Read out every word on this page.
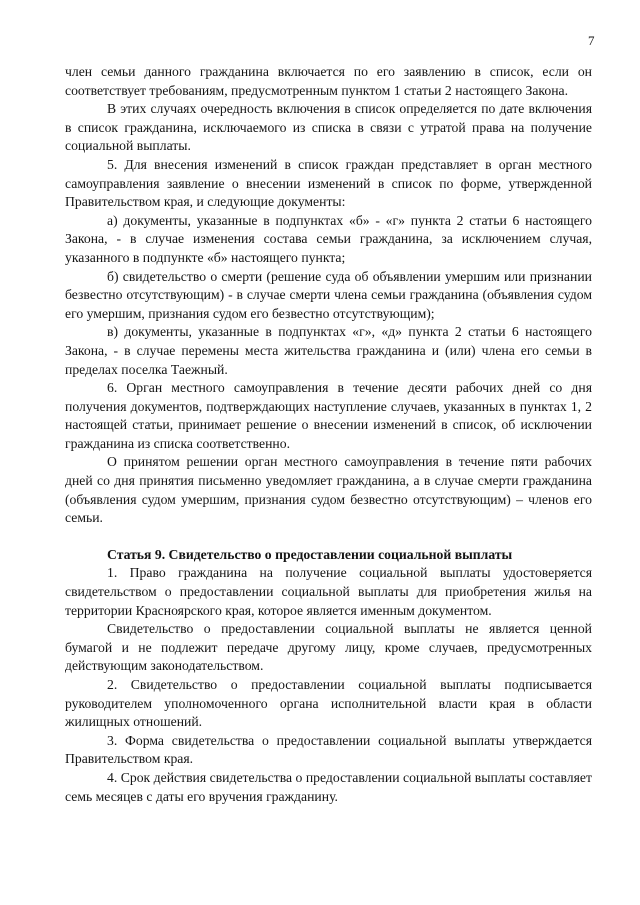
7

член семьи данного гражданина включается по его заявлению в список, если он соответствует требованиям, предусмотренным пунктом 1 статьи 2 настоящего Закона.

В этих случаях очередность включения в список определяется по дате включения в список гражданина, исключаемого из списка в связи с утратой права на получение социальной выплаты.

5. Для внесения изменений в список граждан представляет в орган местного самоуправления заявление о внесении изменений в список по форме, утвержденной Правительством края, и следующие документы:

а) документы, указанные в подпунктах «б» - «г» пункта 2 статьи 6 настоящего Закона, - в случае изменения состава семьи гражданина, за исключением случая, указанного в подпункте «б» настоящего пункта;

б) свидетельство о смерти (решение суда об объявлении умершим или признании безвестно отсутствующим) - в случае смерти члена семьи гражданина (объявления судом его умершим, признания судом его безвестно отсутствующим);

в) документы, указанные в подпунктах «г», «д» пункта 2 статьи 6 настоящего Закона, - в случае перемены места жительства гражданина и (или) члена его семьи в пределах поселка Таежный.

6. Орган местного самоуправления в течение десяти рабочих дней со дня получения документов, подтверждающих наступление случаев, указанных в пунктах 1, 2 настоящей статьи, принимает решение о внесении изменений в список, об исключении гражданина из списка соответственно.

О принятом решении орган местного самоуправления в течение пяти рабочих дней со дня принятия письменно уведомляет гражданина, а в случае смерти гражданина (объявления судом умершим, признания судом безвестно отсутствующим) – членов его семьи.

Статья 9. Свидетельство о предоставлении социальной выплаты

1. Право гражданина на получение социальной выплаты удостоверяется свидетельством о предоставлении социальной выплаты для приобретения жилья на территории Красноярского края, которое является именным документом.

Свидетельство о предоставлении социальной выплаты не является ценной бумагой и не подлежит передаче другому лицу, кроме случаев, предусмотренных действующим законодательством.

2. Свидетельство о предоставлении социальной выплаты подписывается руководителем уполномоченного органа исполнительной власти края в области жилищных отношений.

3. Форма свидетельства о предоставлении социальной выплаты утверждается Правительством края.

4. Срок действия свидетельства о предоставлении социальной выплаты составляет семь месяцев с даты его вручения гражданину.
